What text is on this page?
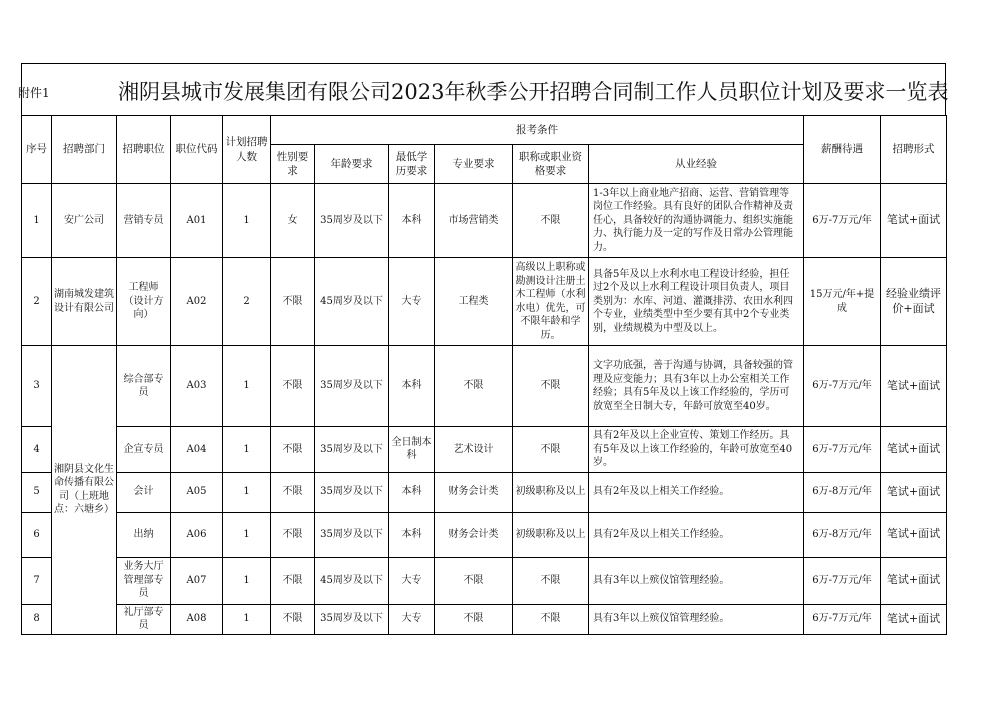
附件1	湘阴县城市发展集团有限公司2023年秋季公开招聘合同制工作人员职位计划及要求一览表
序号	招聘部门	招聘职位	职位代码	计划招聘人数	报考条件						薪酬待遇	招聘形式
					性别要求	年龄要求	最低学历要求	专业要求	职称或职业资格要求	从业经验		
1	安广公司	营销专员	A01	1	女	35周岁及以下	本科	市场营销类	不限	1-3年以上商业地产招商、运营、营销管理等岗位工作经验。具有良好的团队合作精神及责任心，具备较好的沟通协调能力、组织实施能力、执行能力及一定的写作及日常办公管理能力。	6万-7万元/年	笔试+面试
2	湖南城发建筑设计有限公司	工程师（设计方向）	A02	2	不限	45周岁及以下	大专	工程类	高级以上职称或勘测设计注册土木工程师（水利水电）优先，可不限年龄和学历。	具备5年及以上水利水电工程设计经验，担任过2个及以上水利工程设计项目负责人，项目类别为：水库、河道、灌溉排涝、农田水利四个专业，业绩类型中至少要有其中2个专业类别，业绩规模为中型及以上。	15万元/年+提成	经验业绩评价+面试
3	湘阴县文化生命传播有限公司（上班地点：六塘乡）	综合部专员	A03	1	不限	35周岁及以下	本科	不限	不限	文字功底强，善于沟通与协调，具备较强的管理及应变能力；具有3年以上办公室相关工作经验；具有5年及以上该工作经验的，学历可放宽至全日制大专，年龄可放宽至40岁。	6万-7万元/年	笔试+面试
4		企宣专员	A04	1	不限	35周岁及以下	全日制本科	艺术设计	不限	具有2年及以上企业宣传、策划工作经历。具有5年及以上该工作经验的，年龄可放宽至40岁。	6万-7万元/年	笔试+面试
5		会计	A05	1	不限	35周岁及以下	本科	财务会计类	初级职称及以上	具有2年及以上相关工作经验。	6万-8万元/年	笔试+面试
6		出纳	A06	1	不限	35周岁及以下	本科	财务会计类	初级职称及以上	具有2年及以上相关工作经验。	6万-8万元/年	笔试+面试
7		业务大厅管理部专员	A07	1	不限	45周岁及以下	大专	不限	不限	具有3年以上殡仪馆管理经验。	6万-7万元/年	笔试+面试
8		礼厅部专员	A08	1	不限	35周岁及以下	大专	不限	不限	具有3年以上殡仪馆管理经验。	6万-7万元/年	笔试+面试
